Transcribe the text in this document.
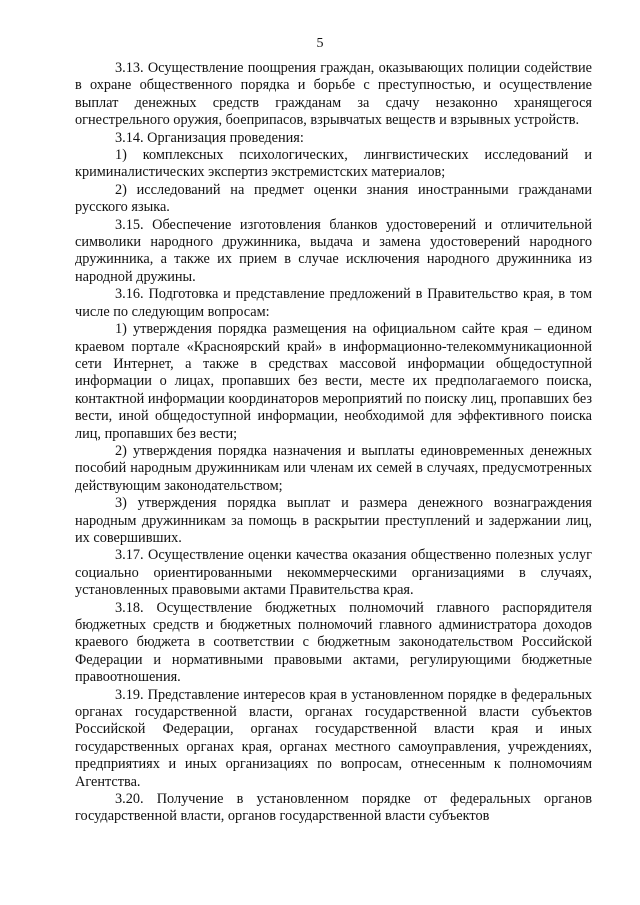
5

3.13. Осуществление поощрения граждан, оказывающих полиции содействие в охране общественного порядка и борьбе с преступностью, и осуществление выплат денежных средств гражданам за сдачу незаконно хранящегося огнестрельного оружия, боеприпасов, взрывчатых веществ и взрывных устройств.

3.14. Организация проведения:

1) комплексных психологических, лингвистических исследований и криминалистических экспертиз экстремистских материалов;

2) исследований на предмет оценки знания иностранными гражданами русского языка.

3.15. Обеспечение изготовления бланков удостоверений и отличительной символики народного дружинника, выдача и замена удостоверений народного дружинника, а также их прием в случае исключения народного дружинника из народной дружины.

3.16. Подготовка и представление предложений в Правительство края, в том числе по следующим вопросам:

1) утверждения порядка размещения на официальном сайте края – едином краевом портале «Красноярский край» в информационно-телекоммуникационной сети Интернет, а также в средствах массовой информации общедоступной информации о лицах, пропавших без вести, месте их предполагаемого поиска, контактной информации координаторов мероприятий по поиску лиц, пропавших без вести, иной общедоступной информации, необходимой для эффективного поиска лиц, пропавших без вести;

2) утверждения порядка назначения и выплаты единовременных денежных пособий народным дружинникам или членам их семей в случаях, предусмотренных действующим законодательством;

3) утверждения порядка выплат и размера денежного вознаграждения народным дружинникам за помощь в раскрытии преступлений и задержании лиц, их совершивших.

3.17. Осуществление оценки качества оказания общественно полезных услуг социально ориентированными некоммерческими организациями в случаях, установленных правовыми актами Правительства края.

3.18. Осуществление бюджетных полномочий главного распорядителя бюджетных средств и бюджетных полномочий главного администратора доходов краевого бюджета в соответствии с бюджетным законодательством Российской Федерации и нормативными правовыми актами, регулирующими бюджетные правоотношения.

3.19. Представление интересов края в установленном порядке в федеральных органах государственной власти, органах государственной власти субъектов Российской Федерации, органах государственной власти края и иных государственных органах края, органах местного самоуправления, учреждениях, предприятиях и иных организациях по вопросам, отнесенным к полномочиям Агентства.

3.20. Получение в установленном порядке от федеральных органов государственной власти, органов государственной власти субъектов
